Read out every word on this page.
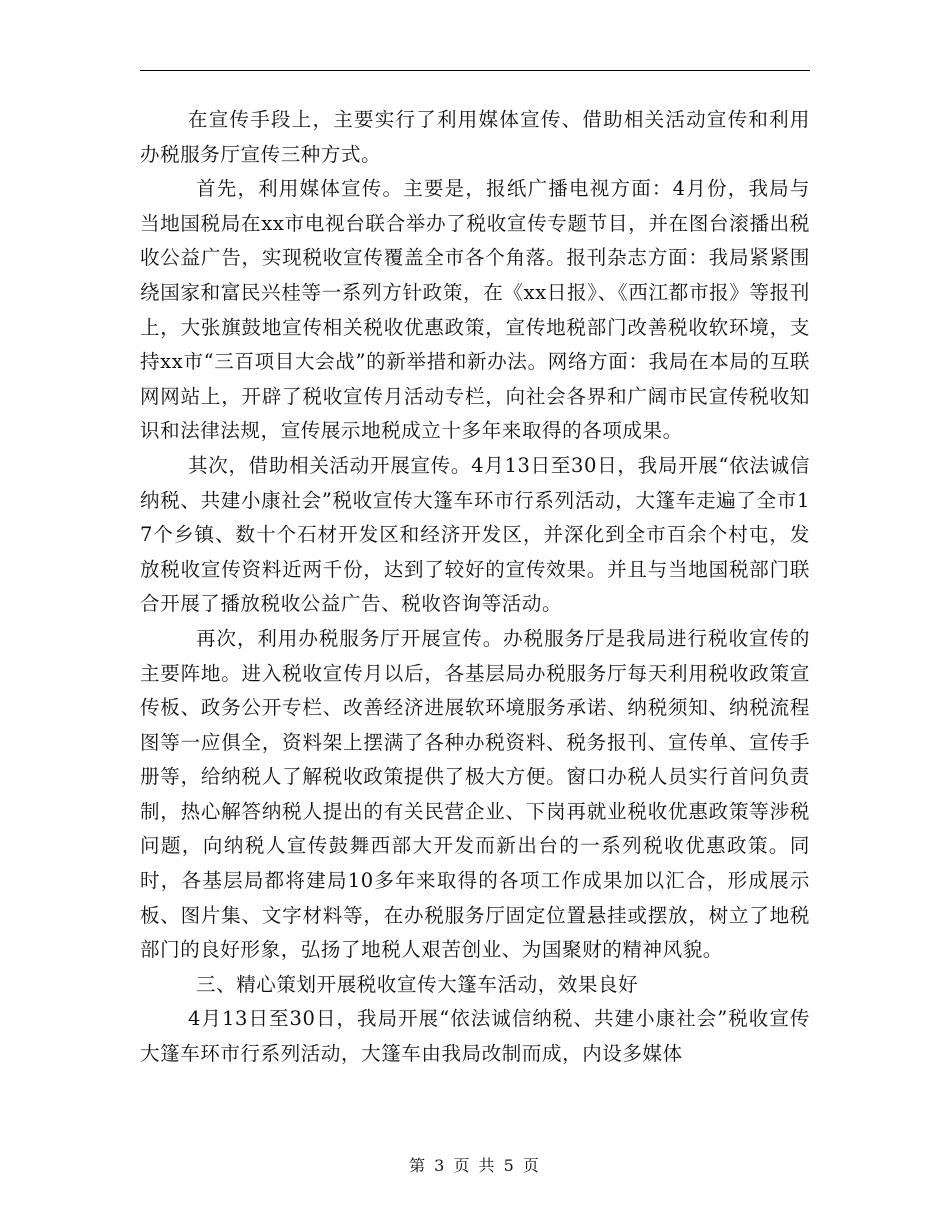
在宣传手段上，主要实行了利用媒体宣传、借助相关活动宣传和利用办税服务厅宣传三种方式。

首先，利用媒体宣传。主要是，报纸广播电视方面：4月份，我局与当地国税局在xx市电视台联合举办了税收宣传专题节目，并在图台滚播出税收公益广告，实现税收宣传覆盖全市各个角落。报刊杂志方面：我局紧紧围绕国家和富民兴桂等一系列方针政策，在《xx日报》、《西江都市报》等报刊上，大张旗鼓地宣传相关税收优惠政策，宣传地税部门改善税收软环境，支持xx市“三百项目大会战”的新举措和新办法。网络方面：我局在本局的互联网网站上，开辟了税收宣传月活动专栏，向社会各界和广阔市民宣传税收知识和法律法规，宣传展示地税成立十多年来取得的各项成果。

其次，借助相关活动开展宣传。4月13日至30日，我局开展“依法诚信纳税、共建小康社会”税收宣传大篷车环市行系列活动，大篷车走遍了全市17个乡镇、数十个石材开发区和经济开发区，并深化到全市百余个村屯，发放税收宣传资料近两千份，达到了较好的宣传效果。并且与当地国税部门联合开展了播放税收公益广告、税收咨询等活动。

再次，利用办税服务厅开展宣传。办税服务厅是我局进行税收宣传的主要阵地。进入税收宣传月以后，各基层局办税服务厅每天利用税收政策宣传板、政务公开专栏、改善经济进展软环境服务承诺、纳税须知、纳税流程图等一应俱全，资料架上摆满了各种办税资料、税务报刊、宣传单、宣传手册等，给纳税人了解税收政策提供了极大方便。窗口办税人员实行首问负责制，热心解答纳税人提出的有关民营企业、下岗再就业税收优惠政策等涉税问题，向纳税人宣传鼓舞西部大开发而新出台的一系列税收优惠政策。同时，各基层局都将建局10多年来取得的各项工作成果加以汇合，形成展示板、图片集、文字材料等，在办税服务厅固定位置悬挂或摆放，树立了地税部门的良好形象，弘扬了地税人艰苦创业、为国聚财的精神风貌。

三、精心策划开展税收宣传大篷车活动，效果良好

4月13日至30日，我局开展“依法诚信纳税、共建小康社会”税收宣传大篷车环市行系列活动，大篷车由我局改制而成，内设多媒体

第 3 页 共 5 页
